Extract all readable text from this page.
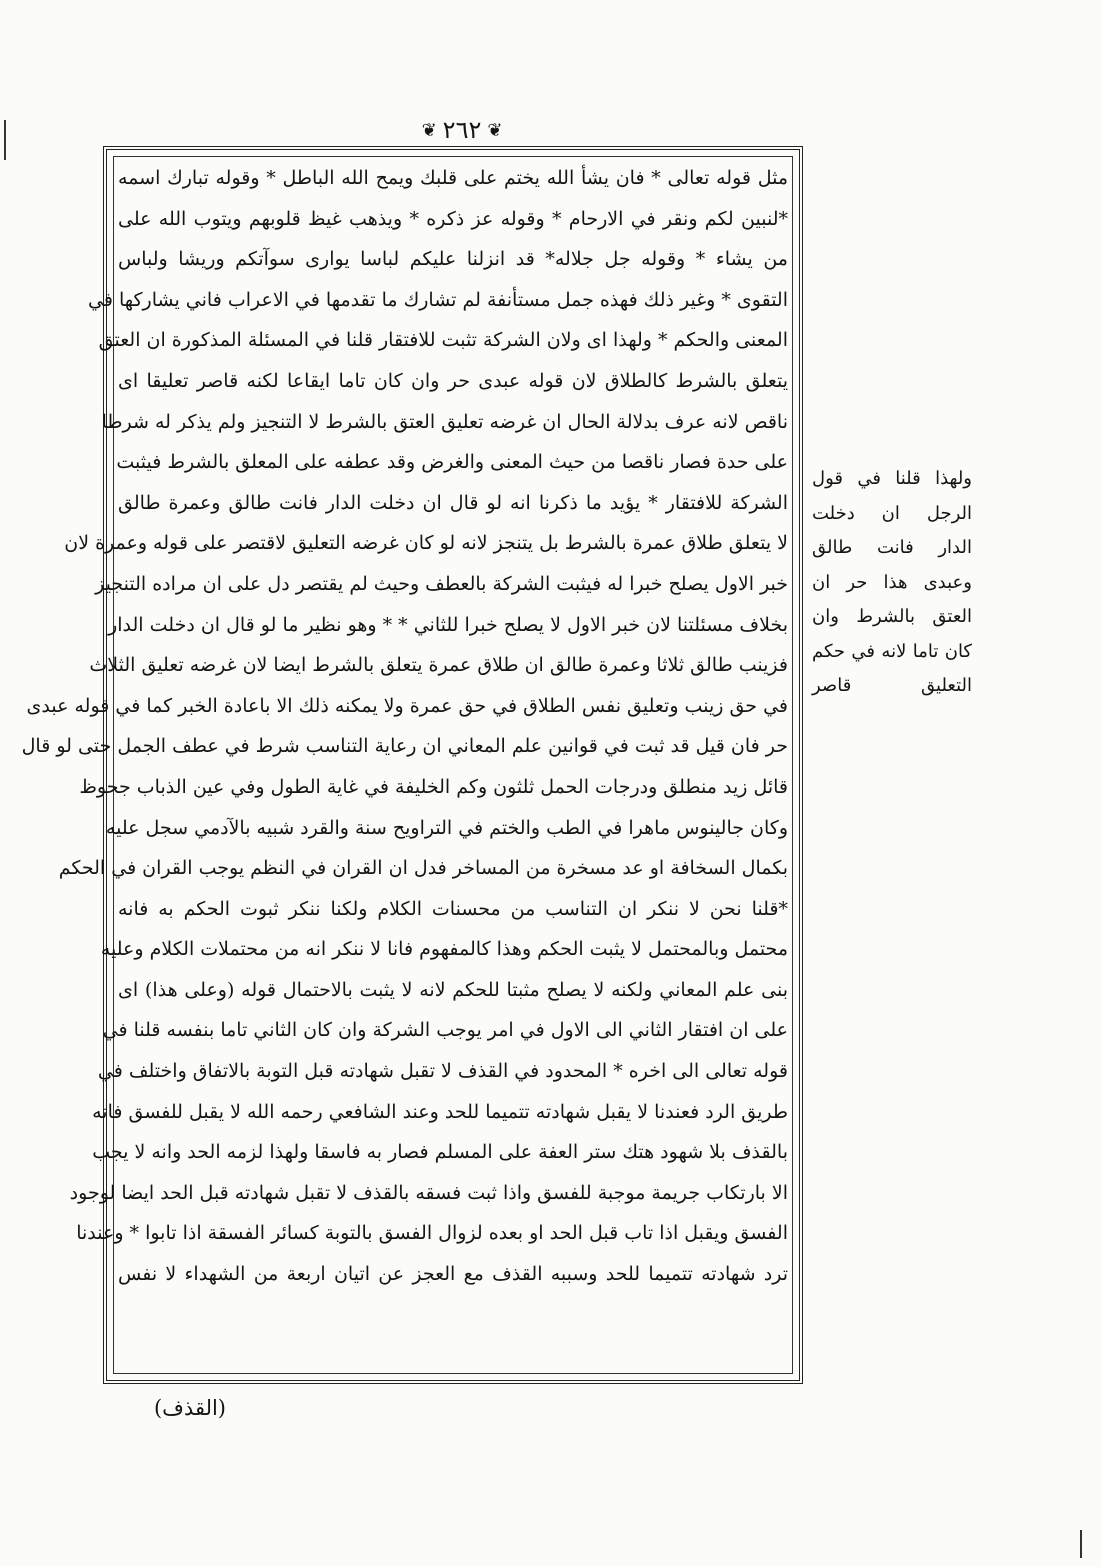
❦
٢٦٢
❦
مثل قوله تعالى * فان يشأ الله يختم على قلبك ويمح الله الباطل * وقوله تبارك اسمه
*لنبين لكم ونقر في الارحام * وقوله عز ذكره * ويذهب غيظ قلوبهم ويتوب الله على
من يشاء * وقوله جل جلاله* قد انزلنا عليكم لباسا يوارى سوآتكم وريشا ولباس
التقوى * وغير ذلك فهذه جمل مستأنفة لم تشارك ما تقدمها في الاعراب فاني يشاركها في
المعنى والحكم * ولهذا اى ولان الشركة تثبت للافتقار قلنا في المسئلة المذكورة ان العتق
يتعلق بالشرط كالطلاق لان قوله عبدى حر وان كان تاما ايقاعا لكنه قاصر تعليقا اى
ناقص لانه عرف بدلالة الحال ان غرضه تعليق العتق بالشرط لا التنجيز ولم يذكر له شرطا
على حدة فصار ناقصا من حيث المعنى والغرض وقد عطفه على المعلق بالشرط فيثبت
الشركة للافتقار * يؤيد ما ذكرنا انه لو قال ان دخلت الدار فانت طالق وعمرة طالق
لا يتعلق طلاق عمرة بالشرط بل يتنجز لانه لو كان غرضه التعليق لاقتصر على قوله وعمرة لان
خبر الاول يصلح خبرا له فيثبت الشركة بالعطف وحيث لم يقتصر دل على ان مراده التنجيز
بخلاف مسئلتنا لان خبر الاول لا يصلح خبرا للثاني * * وهو نظير ما لو قال ان دخلت الدار
فزينب طالق ثلاثا وعمرة طالق ان طلاق عمرة يتعلق بالشرط ايضا لان غرضه تعليق الثلاث
في حق زينب وتعليق نفس الطلاق في حق عمرة ولا يمكنه ذلك الا باعادة الخبر كما في قوله عبدى
حر فان قيل قد ثبت في قوانين علم المعاني ان رعاية التناسب شرط في عطف الجمل حتى لو قال
قائل زيد منطلق ودرجات الحمل ثلثون وكم الخليفة في غاية الطول وفي عين الذباب جحوظ
وكان جالينوس ماهرا في الطب والختم في التراويح سنة والقرد شبيه بالآدمي سجل عليه
بكمال السخافة او عد مسخرة من المساخر فدل ان القران في النظم يوجب القران في الحكم
*قلنا نحن لا ننكر ان التناسب من محسنات الكلام ولكنا ننكر ثبوت الحكم به فانه
محتمل وبالمحتمل لا يثبت الحكم وهذا كالمفهوم فانا لا ننكر انه من محتملات الكلام وعليه
بنى علم المعاني ولكنه لا يصلح مثبتا للحكم لانه لا يثبت بالاحتمال قوله (وعلى هذا) اى
على ان افتقار الثاني الى الاول في امر يوجب الشركة وان كان الثاني تاما بنفسه قلنا في
قوله تعالى الى اخره * المحدود في القذف لا تقبل شهادته قبل التوبة بالاتفاق واختلف في
طريق الرد فعندنا لا يقبل شهادته تتميما للحد وعند الشافعي رحمه الله لا يقبل للفسق فانه
بالقذف بلا شهود هتك ستر العفة على المسلم فصار به فاسقا ولهذا لزمه الحد وانه لا يجب
الا بارتكاب جريمة موجبة للفسق واذا ثبت فسقه بالقذف لا تقبل شهادته قبل الحد ايضا لوجود
الفسق ويقبل اذا تاب قبل الحد او بعده لزوال الفسق بالتوبة كسائر الفسقة اذا تابوا * وعندنا
ترد شهادته تتميما للحد وسببه القذف مع العجز عن اتيان اربعة من الشهداء لا نفس
ولهذا قلنا في قول
الرجل ان دخلت
الدار فانت طالق
وعبدى هذا حر ان
العتق بالشرط وان
كان تاما لانه في حكم
التعليق قاصر
(القذف)
